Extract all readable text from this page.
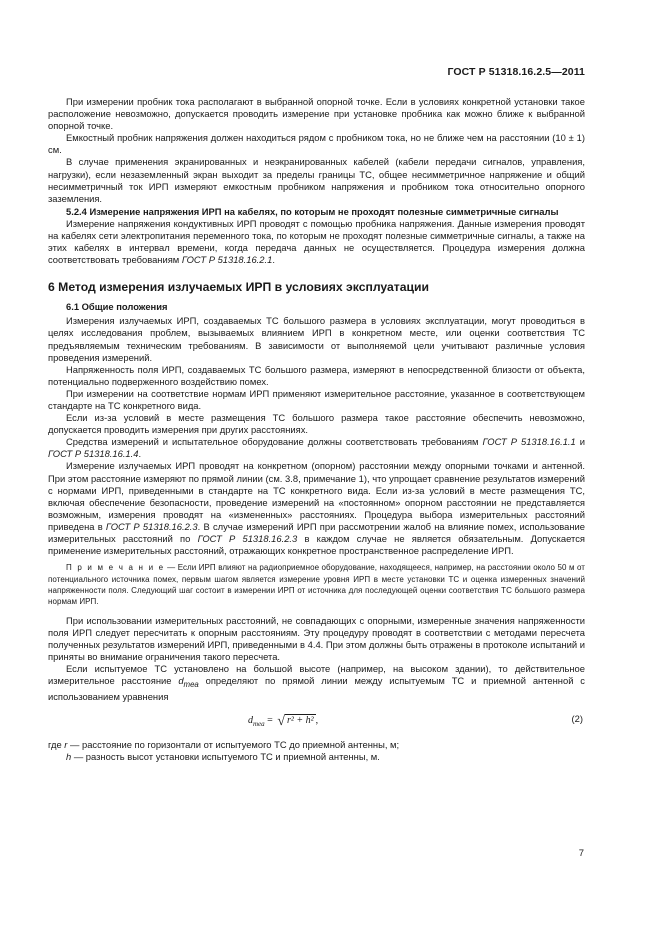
ГОСТ Р 51318.16.2.5—2011

При измерении пробник тока располагают в выбранной опорной точке. Если в условиях конкретной установки такое расположение невозможно, допускается проводить измерение при установке пробника как можно ближе к выбранной опорной точке.

Емкостный пробник напряжения должен находиться рядом с пробником тока, но не ближе чем на расстоянии (10 ± 1) см.

В случае применения экранированных и неэкранированных кабелей (кабели передачи сигналов, управления, нагрузки), если незаземленный экран выходит за пределы границы ТС, общее несимметричное напряжение и общий несимметричный ток ИРП измеряют емкостным пробником напряжения и пробником тока относительно опорного заземления.

5.2.4 Измерение напряжения ИРП на кабелях, по которым не проходят полезные симметричные сигналы

Измерение напряжения кондуктивных ИРП проводят с помощью пробника напряжения. Данные измерения проводят на кабелях сети электропитания переменного тока, по которым не проходят полезные симметричные сигналы, а также на этих кабелях в интервал времени, когда передача данных не осуществляется. Процедура измерения должна соответствовать требованиям ГОСТ Р 51318.16.2.1.

6 Метод измерения излучаемых ИРП в условиях эксплуатации

6.1 Общие положения

Измерения излучаемых ИРП, создаваемых ТС большого размера в условиях эксплуатации, могут проводиться в целях исследования проблем, вызываемых влиянием ИРП в конкретном месте, или оценки соответствия ТС предъявляемым техническим требованиям. В зависимости от выполняемой цели учитывают различные условия проведения измерений.

Напряженность поля ИРП, создаваемых ТС большого размера, измеряют в непосредственной близости от объекта, потенциально подверженного воздействию помех.

При измерении на соответствие нормам ИРП применяют измерительное расстояние, указанное в соответствующем стандарте на ТС конкретного вида.

Если из-за условий в месте размещения ТС большого размера такое расстояние обеспечить невозможно, допускается проводить измерения при других расстояниях.

Средства измерений и испытательное оборудование должны соответствовать требованиям ГОСТ Р 51318.16.1.1 и ГОСТ Р 51318.16.1.4.

Измерение излучаемых ИРП проводят на конкретном (опорном) расстоянии между опорными точками и антенной. При этом расстояние измеряют по прямой линии (см. 3.8, примечание 1), что упрощает сравнение результатов измерений с нормами ИРП, приведенными в стандарте на ТС конкретного вида. Если из-за условий в месте размещения ТС, включая обеспечение безопасности, проведение измерений на «постоянном» опорном расстоянии не представляется возможным, измерения проводят на «измененных» расстояниях. Процедура выбора измерительных расстояний приведена в ГОСТ Р 51318.16.2.3. В случае измерений ИРП при рассмотрении жалоб на влияние помех, использование измерительных расстояний по ГОСТ Р 51318.16.2.3 в каждом случае не является обязательным. Допускается применение измерительных расстояний, отражающих конкретное пространственное распределение ИРП.

П р и м е ч а н и е — Если ИРП влияют на радиоприемное оборудование, находящееся, например, на расстоянии около 50 м от потенциального источника помех, первым шагом является измерение уровня ИРП в месте установки ТС и оценка измеренных значений напряженности поля. Следующий шаг состоит в измерении ИРП от источника для последующей оценки соответствия ТС большого размера нормам ИРП.

При использовании измерительных расстояний, не совпадающих с опорными, измеренные значения напряженности поля ИРП следует пересчитать к опорным расстояниям. Эту процедуру проводят в соответствии с методами пересчета полученных результатов измерений ИРП, приведенными в 4.4. При этом должны быть отражены в протоколе испытаний и приняты во внимание ограничения такого пересчета.

Если испытуемое ТС установлено на большой высоте (например, на высоком здании), то действительное измерительное расстояние $d_{mea}$ определяют по прямой линии между испытуемым ТС и приемной антенной с использованием уравнения

$d_{mea}$ = √ r² + h² ,	(2)

где r — расстояние по горизонтали от испытуемого ТС до приемной антенны, м;

h — разность высот установки испытуемого ТС и приемной антенны, м.

7
